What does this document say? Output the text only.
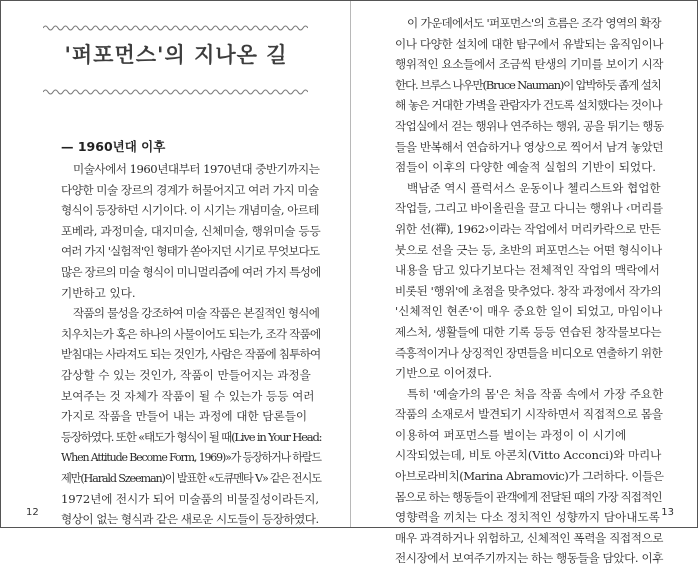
'퍼포먼스'의 지나온 길
— 1960년대 이후
미술사에서 1960년대부터 1970년대 중반기까지는
다양한 미술 장르의 경계가 허물어지고 여러 가지 미술
형식이 등장하던 시기이다. 이 시기는 개념미술, 아르테
포베라, 과정미술, 대지미술, 신체미술, 행위미술 등등
여러 가지 '실험적'인 형태가 쏟아지던 시기로 무엇보다도
많은 장르의 미술 형식이 미니멀리즘에 여러 가지 특성에
기반하고 있다.
작품의 물성을 강조하여 미술 작품은 본질적인 형식에
치우치는가 혹은 하나의 사물이어도 되는가, 조각 작품에
받침대는 사라져도 되는 것인가, 사람은 작품에 침투하여
감상할 수 있는 것인가, 작품이 만들어지는 과정을
보여주는 것 자체가 작품이 될 수 있는가 등등 여러
가지로 작품을 만들어 내는 과정에 대한 담론들이
등장하였다. 또한 «태도가 형식이 될 때(Live in Your Head:
When Attitude Become Form, 1969)»가 등장하거나 하랄드
제만(Harald Szeeman)이 발표한 «도큐멘타 V» 같은 전시도
1972년에 전시가 되어 미술품의 비물질성이라든지,
형상이 없는 형식과 같은 새로운 시도들이 등장하였다.
12
이 가운데에서도 '퍼포먼스'의 흐름은 조각 영역의 확장
이나 다양한 설치에 대한 탐구에서 유발되는 움직임이나
행위적인 요소들에서 조금씩 탄생의 기미를 보이기 시작
한다. 브루스 나우만(Bruce Nauman)이 압박하듯 좁게 설치
해 놓은 거대한 가벽을 관람자가 건도록 설치했다는 것이나
작업실에서 걷는 행위나 연주하는 행위, 공을 튀기는 행동
들을 반복해서 연습하거나 영상으로 찍어서 남겨 놓았던
점들이 이후의 다양한 예술적 실험의 기반이 되었다.
백남준 역시 플럭서스 운동이나 첼리스트와 협업한
작업들, 그리고 바이올린을 끌고 다니는 행위나 ‹머리를
위한 선(禪), 1962›이라는 작업에서 머리카락으로 만든
붓으로 선을 긋는 등, 초반의 퍼포먼스는 어떤 형식이나
내용을 담고 있다기보다는 전체적인 작업의 맥락에서
비롯된 '행위'에 초점을 맞추었다. 창작 과정에서 작가의
'신체적인 현존'이 매우 중요한 일이 되었고, 마임이나
제스처, 생활들에 대한 기록 등등 연습된 창작물보다는
즉흥적이거나 상징적인 장면들을 비디오로 연출하기 위한
기반으로 이어졌다.
특히 '예술가의 몸'은 처음 작품 속에서 가장 주요한
작품의 소재로서 발견되기 시작하면서 직접적으로 몸을
이용하여 퍼포먼스를 벌이는 과정이 이 시기에
시작되었는데, 비토 아콘치(Vitto Acconci)와 마리나
아브로라비치(Marina Abramovic)가 그러하다. 이들은
몸으로 하는 행동들이 관객에게 전달된 때의 가장 직접적인
영향력을 끼치는 다소 정치적인 성향까지 담아내도록
매우 과격하거나 위험하고, 신체적인 폭력을 직접적으로
전시장에서 보여주기까지는 하는 행동들을 담았다. 이후
13
